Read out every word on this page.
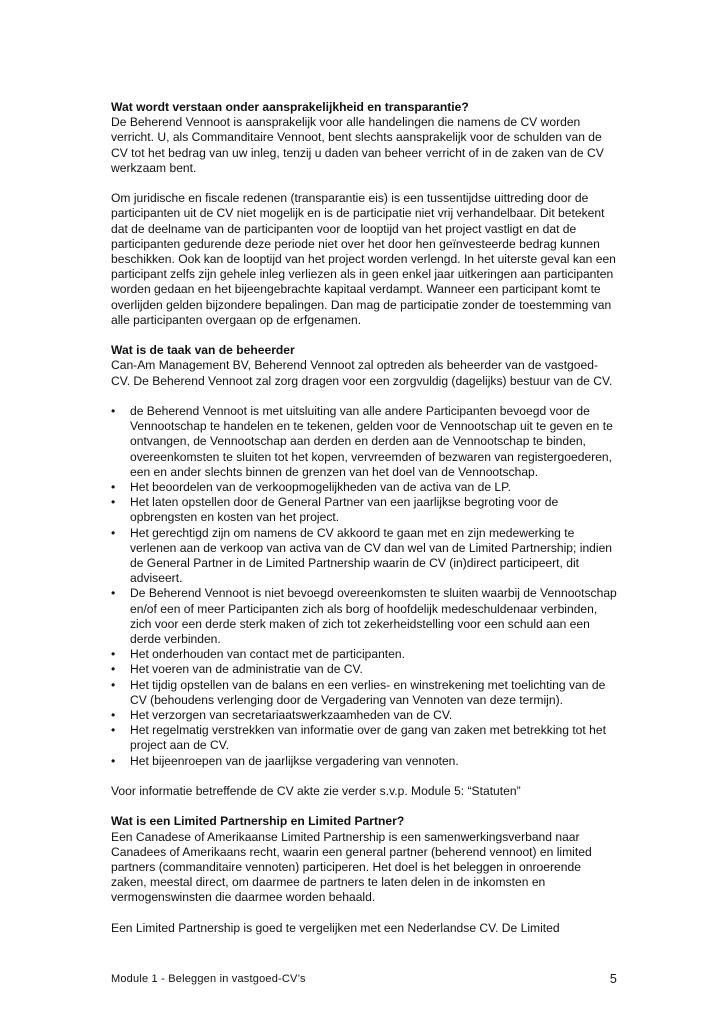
Wat wordt verstaan onder aansprakelijkheid en transparantie?

De Beherend Vennoot is aansprakelijk voor alle handelingen die namens de CV worden verricht. U, als Commanditaire Vennoot, bent slechts aansprakelijk voor de schulden van de CV tot het bedrag van uw inleg, tenzij u daden van beheer verricht of in de zaken van de CV werkzaam bent.

Om juridische en fiscale redenen (transparantie eis) is een tussentijdse uittreding door de participanten uit de CV niet mogelijk en is de participatie niet vrij verhandelbaar. Dit betekent dat de deelname van de participanten voor de looptijd van het project vastligt en dat de participanten gedurende deze periode niet over het door hen geïnvesteerde bedrag kunnen beschikken. Ook kan de looptijd van het project worden verlengd. In het uiterste geval kan een participant zelfs zijn gehele inleg verliezen als in geen enkel jaar uitkeringen aan participanten worden gedaan en het bijeengebrachte kapitaal verdampt. Wanneer een participant komt te overlijden gelden bijzondere bepalingen. Dan mag de participatie zonder de toestemming van alle participanten overgaan op de erfgenamen.

Wat is de taak van de beheerder

Can-Am Management BV, Beherend Vennoot zal optreden als beheerder van de vastgoed-CV. De Beherend Vennoot zal zorg dragen voor een zorgvuldig (dagelijks) bestuur van de CV.

• de Beherend Vennoot is met uitsluiting van alle andere Participanten bevoegd voor de Vennootschap te handelen en te tekenen, gelden voor de Vennootschap uit te geven en te ontvangen, de Vennootschap aan derden en derden aan de Vennootschap te binden, overeenkomsten te sluiten tot het kopen, vervreemden of bezwaren van registergoederen, een en ander slechts binnen de grenzen van het doel van de Vennootschap.
• Het beoordelen van de verkoopmogelijkheden van de activa van de LP.
• Het laten opstellen door de General Partner van een jaarlijkse begroting voor de opbrengsten en kosten van het project.
• Het gerechtigd zijn om namens de CV akkoord te gaan met en zijn medewerking te verlenen aan de verkoop van activa van de CV dan wel van de Limited Partnership; indien de General Partner in de Limited Partnership waarin de CV (in)direct participeert, dit adviseert.
• De Beherend Vennoot is niet bevoegd overeenkomsten te sluiten waarbij de Vennootschap en/of een of meer Participanten zich als borg of hoofdelijk medeschuldenaar verbinden, zich voor een derde sterk maken of zich tot zekerheidstelling voor een schuld aan een derde verbinden.
• Het onderhouden van contact met de participanten.
• Het voeren van de administratie van de CV.
• Het tijdig opstellen van de balans en een verlies- en winstrekening met toelichting van de CV (behoudens verlenging door de Vergadering van Vennoten van deze termijn).
• Het verzorgen van secretariaatswerkzaamheden van de CV.
• Het regelmatig verstrekken van informatie over de gang van zaken met betrekking tot het project aan de CV.
• Het bijeenroepen van de jaarlijkse vergadering van vennoten.

Voor informatie betreffende de CV akte zie verder s.v.p. Module 5: “Statuten”

Wat is een Limited Partnership en Limited Partner?

Een Canadese of Amerikaanse Limited Partnership is een samenwerkingsverband naar Canadees of Amerikaans recht, waarin een general partner (beherend vennoot) en limited partners (commanditaire vennoten) participeren. Het doel is het beleggen in onroerende zaken, meestal direct, om daarmee de partners te laten delen in de inkomsten en vermogenswinsten die daarmee worden behaald.

Een Limited Partnership is goed te vergelijken met een Nederlandse CV. De Limited

Module 1 - Beleggen in vastgoed-CV’s	5
